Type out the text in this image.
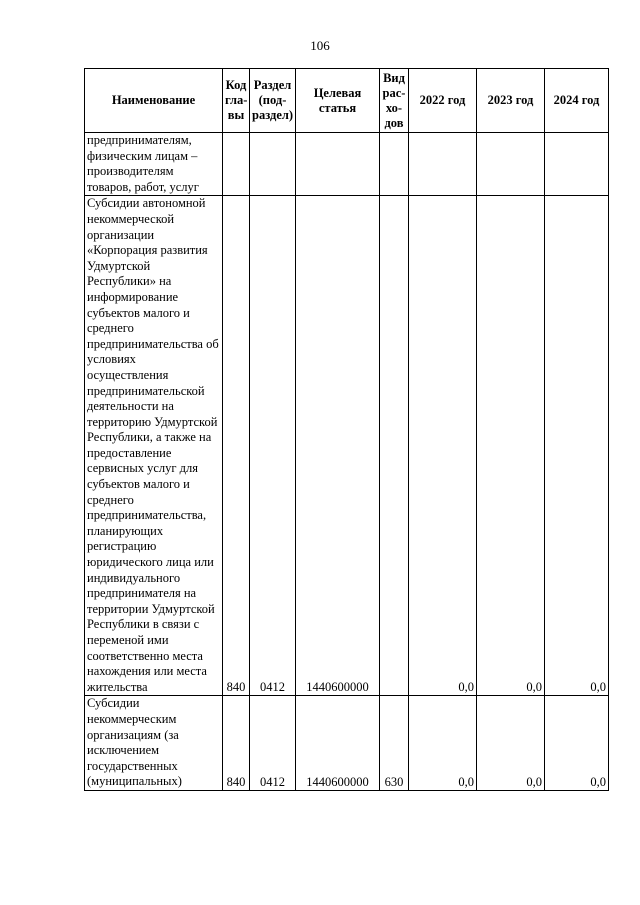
106
Наименование	Код гла-вы	Раздел (под-раздел)	Целевая статья	Вид рас-хо-дов	2022 год	2023 год	2024 год
предпринимателям, физическим лицам – производителям товаров, работ, услуг							
Субсидии автономной некоммерческой организации «Корпорация развития Удмуртской Республики» на информирование субъектов малого и среднего предпринимательства об условиях осуществления предпринимательской деятельности на территорию Удмуртской Республики, а также на предоставление сервисных услуг для субъектов малого и среднего предпринимательства, планирующих регистрацию юридического лица или индивидуального предпринимателя на территории Удмуртской Республики в связи с переменой ими соответственно места нахождения или места жительства	840	0412	1440600000		0,0	0,0	0,0
Субсидии некоммерческим организациям (за исключением государственных (муниципальных)	840	0412	1440600000	630	0,0	0,0	0,0
